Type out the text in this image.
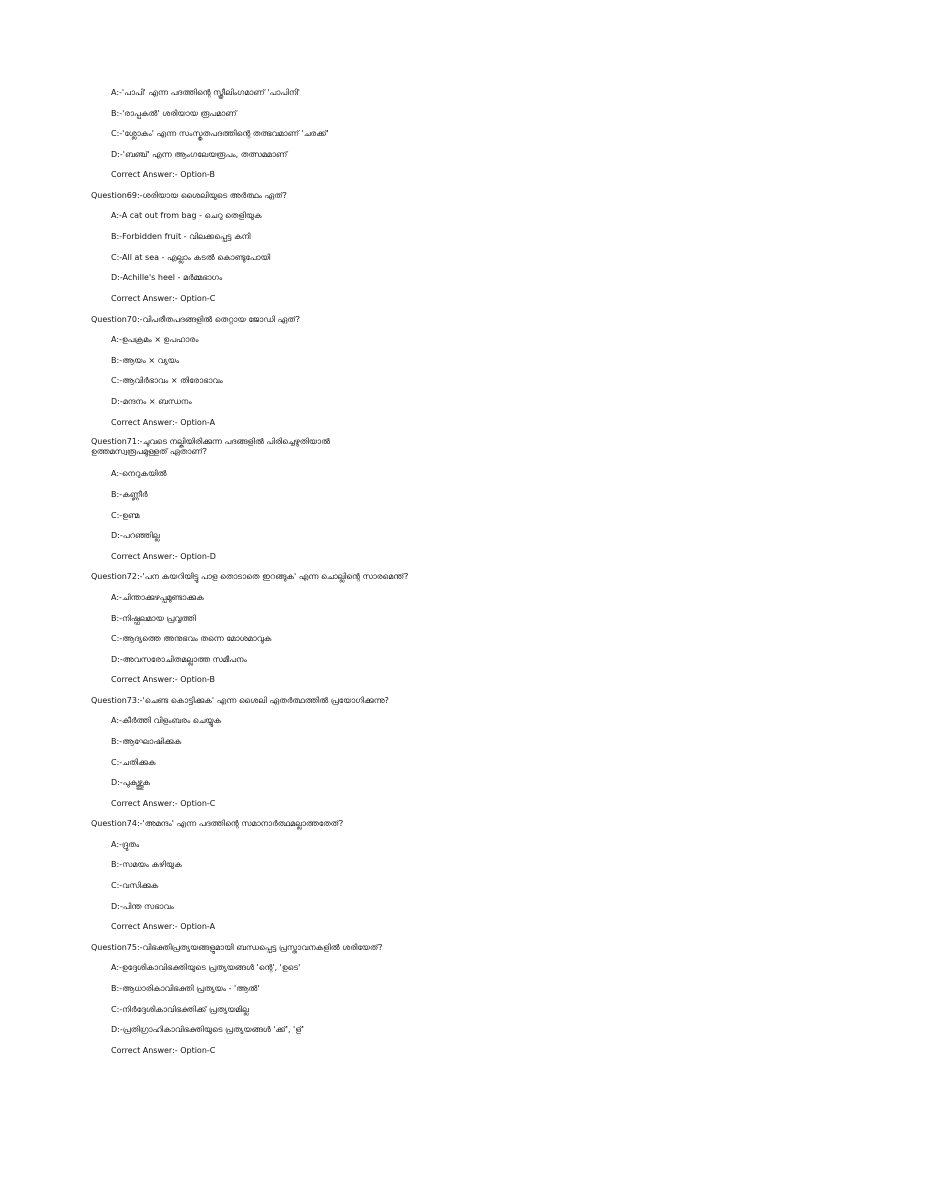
A:-'പാപി' എന്ന പദത്തിന്റെ സ്ത്രീലിംഗമാണ് 'പാപിനി'
B:-'രാപ്പകൽ' ശരിയായ രൂപമാണ്
C:-'ശ്ലോകം' എന്ന സംസ്കൃതപദത്തിന്റെ തത്ഭവമാണ് 'ചരക്ക്'
D:-'ബഞ്ച്' എന്ന ആംഗലേയരൂപം, തത്സമമാണ്
Correct Answer:- Option-B
Question69:-ശരിയായ ശൈലിയുടെ അർത്ഥം ഏത്?
A:-A cat out from bag - ചെറു തെളിയുക
B:-Forbidden fruit - വിലക്കപ്പെട്ട കനി
C:-All at sea - എല്ലാം കടൽ കൊണ്ടുപോയി
D:-Achille's heel - മർമ്മഭാഗം
Correct Answer:- Option-C
Question70:-വിപരീതപദങ്ങളിൽ തെറ്റായ ജോഡി ഏത്?
A:-ഉപക്രമം × ഉപഹാരം
B:-ആയം × വ്യയം
C:-ആവിർഭാവം × തിരോഭാവം
D:-മന്ദനം × ബന്ധനം
Correct Answer:- Option-A
Question71:-ചുവടെ നല്കിയിരിക്കുന്ന പദങ്ങളിൽ പിരിച്ചെഴുതിയാൽ ഉത്തമസ്വരൂപമുള്ളത് ഏതാണ്?
A:-നെറുകയിൽ
B:-കണ്ണീർ
C:-ഉണ്മ
D:-പറഞ്ഞില്ല
Correct Answer:- Option-D
Question72:-'പന കയറിയിട്ടു പാള തൊടാതെ ഇറങ്ങുക' എന്ന ചൊല്ലിന്റെ സാരമെന്ത്?
A:-ചിന്താക്കുഴപ്പമുണ്ടാക്കുക
B:-നിഷ്ഫലമായ പ്രവൃത്തി
C:-ആദ്യത്തെ അനുഭവം തന്നെ മോശമാവുക
D:-അവസരോചിതമല്ലാത്ത സമീപനം
Correct Answer:- Option-B
Question73:-'ചെണ്ട കൊട്ടിക്കുക' എന്ന ശൈലി ഏതർത്ഥത്തിൽ പ്രയോഗിക്കുന്നു?
A:-കീർത്തി വിളംബരം ചെയ്യുക
B:-ആഘോഷിക്കുക
C:-ചതിക്കുക
D:-പുകഴ്ത്തുക
Correct Answer:- Option-C
Question74:-'അമന്ദം' എന്ന പദത്തിന്റെ സമാനാർത്ഥമല്ലാത്തതേത്?
A:-ദ്രുതം
B:-സമയം കഴിയുക
C:-വസിക്കുക
D:-പിന്ത സഭാവം
Correct Answer:- Option-A
Question75:-വിഭക്തിപ്രത്യയങ്ങളുമായി ബന്ധപ്പെട്ട പ്രസ്താവനകളിൽ ശരിയേത്?
A:-ഉദ്ദേശികാവിഭക്തിയുടെ പ്രത്യയങ്ങൾ 'ന്റെ', 'ഉടെ'
B:-ആധാരികാവിഭക്തി പ്രത്യയം - 'ആൽ'
C:-നിർദ്ദേശികാവിഭക്തിക്ക് പ്രത്യയമില്ല
D:-പ്രതിഗ്രാഹികാവിഭക്തിയുടെ പ്രത്യയങ്ങൾ 'ക്ക്', 'ള്'
Correct Answer:- Option-C
